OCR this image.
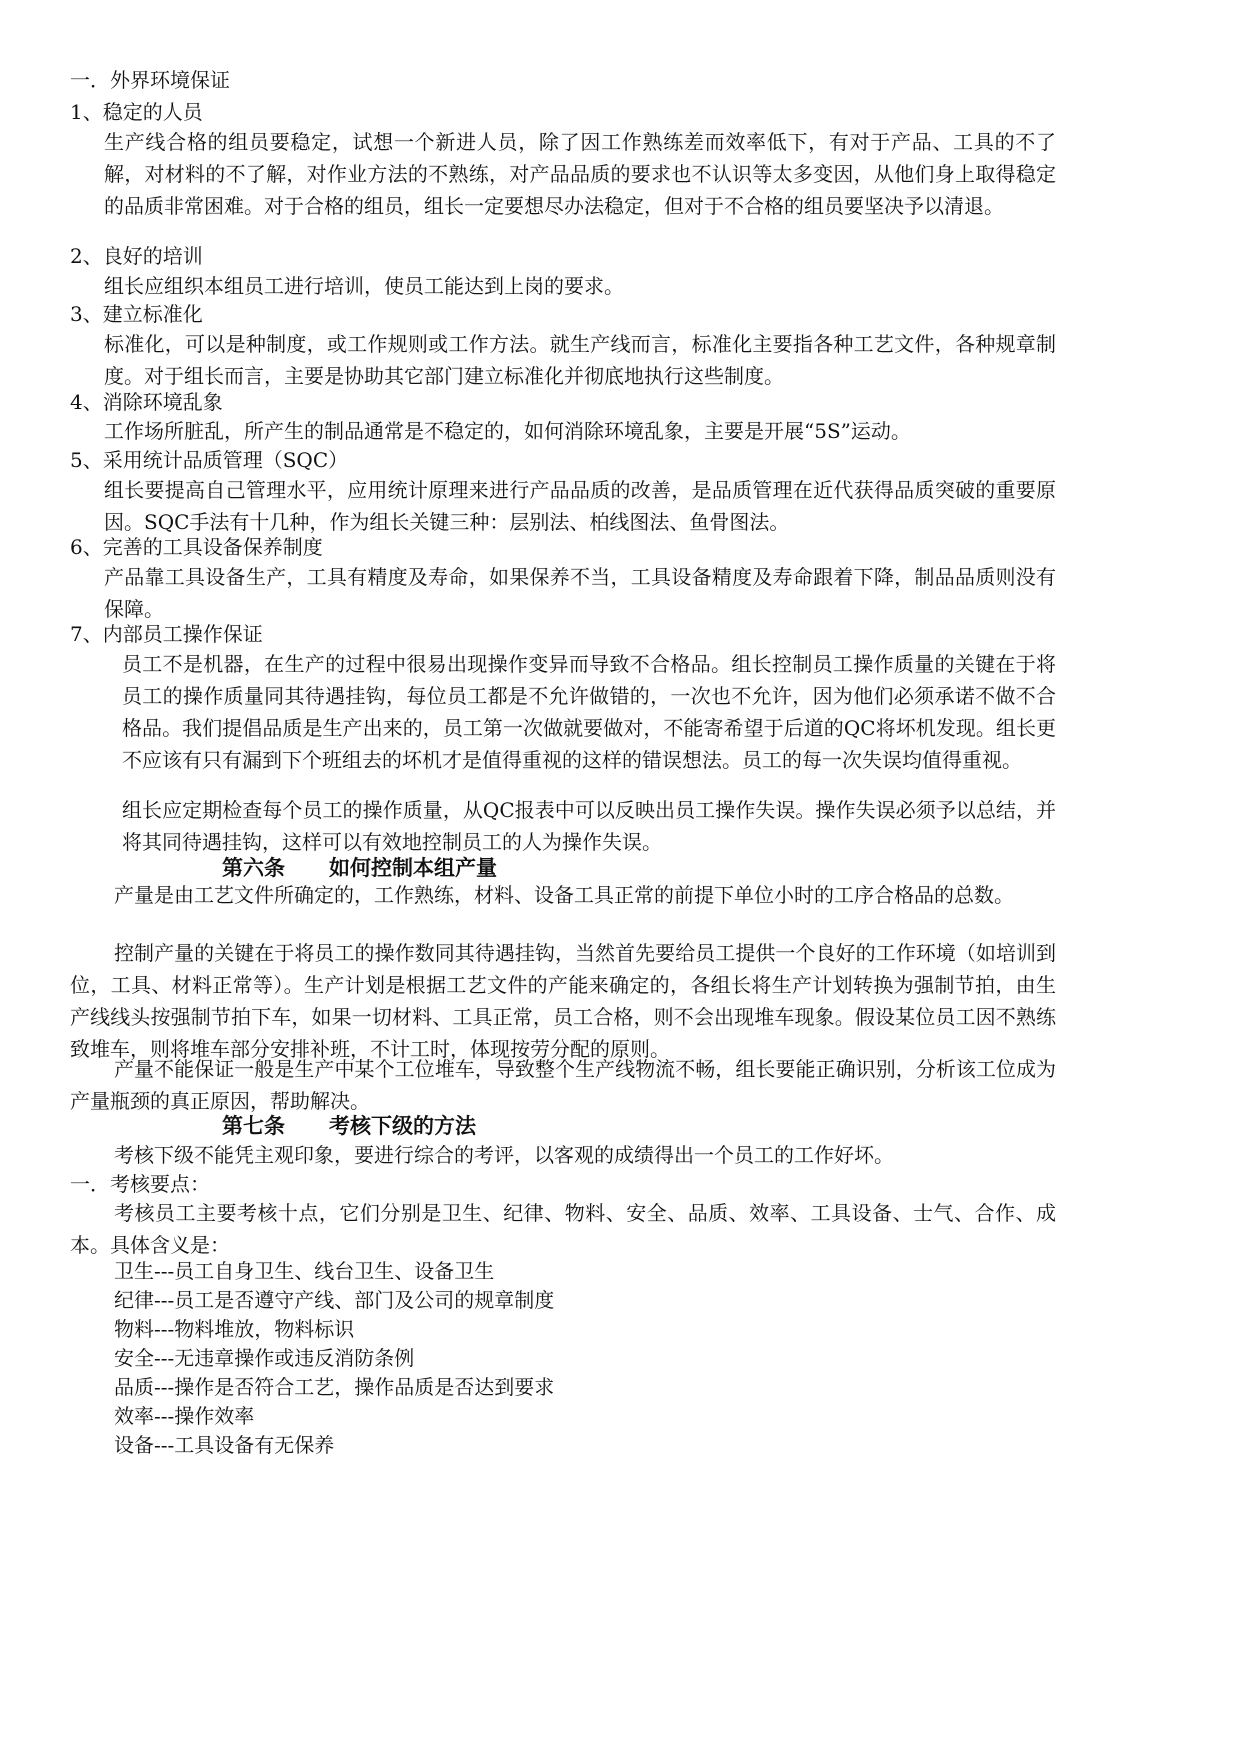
一．外界环境保证

1、稳定的人员

生产线合格的组员要稳定，试想一个新进人员，除了因工作熟练差而效率低下，有对于产品、工具的不了解，对材料的不了解，对作业方法的不熟练，对产品品质的要求也不认识等太多变因，从他们身上取得稳定的品质非常困难。对于合格的组员，组长一定要想尽办法稳定，但对于不合格的组员要坚决予以清退。

2、良好的培训

组长应组织本组员工进行培训，使员工能达到上岗的要求。

3、建立标准化

标准化，可以是种制度，或工作规则或工作方法。就生产线而言，标准化主要指各种工艺文件，各种规章制度。对于组长而言，主要是协助其它部门建立标准化并彻底地执行这些制度。

4、消除环境乱象

工作场所脏乱，所产生的制品通常是不稳定的，如何消除环境乱象，主要是开展“5S”运动。

5、采用统计品质管理（SQC）

组长要提高自己管理水平，应用统计原理来进行产品品质的改善，是品质管理在近代获得品质突破的重要原因。SQC手法有十几种，作为组长关键三种：层别法、柏线图法、鱼骨图法。

6、完善的工具设备保养制度

产品靠工具设备生产，工具有精度及寿命，如果保养不当，工具设备精度及寿命跟着下降，制品品质则没有保障。

7、内部员工操作保证

员工不是机器，在生产的过程中很易出现操作变异而导致不合格品。组长控制员工操作质量的关键在于将员工的操作质量同其待遇挂钩，每位员工都是不允许做错的，一次也不允许，因为他们必须承诺不做不合格品。我们提倡品质是生产出来的，员工第一次做就要做对，不能寄希望于后道的QC将坏机发现。组长更不应该有只有漏到下个班组去的坏机才是值得重视的这样的错误想法。员工的每一次失误均值得重视。

组长应定期检查每个员工的操作质量，从QC报表中可以反映出员工操作失误。操作失误必须予以总结，并将其同待遇挂钩，这样可以有效地控制员工的人为操作失误。

第六条 如何控制本组产量

产量是由工艺文件所确定的，工作熟练，材料、设备工具正常的前提下单位小时的工序合格品的总数。

控制产量的关键在于将员工的操作数同其待遇挂钩，当然首先要给员工提供一个良好的工作环境（如培训到位，工具、材料正常等）。生产计划是根据工艺文件的产能来确定的，各组长将生产计划转换为强制节拍，由生产线线头按强制节拍下车，如果一切材料、工具正常，员工合格，则不会出现堆车现象。假设某位员工因不熟练致堆车，则将堆车部分安排补班，不计工时，体现按劳分配的原则。

产量不能保证一般是生产中某个工位堆车，导致整个生产线物流不畅，组长要能正确识别，分析该工位成为产量瓶颈的真正原因，帮助解决。

第七条 考核下级的方法

考核下级不能凭主观印象，要进行综合的考评，以客观的成绩得出一个员工的工作好坏。

一．考核要点：

考核员工主要考核十点，它们分别是卫生、纪律、物料、安全、品质、效率、工具设备、士气、合作、成本。具体含义是：

卫生---员工自身卫生、线台卫生、设备卫生

纪律---员工是否遵守产线、部门及公司的规章制度

物料---物料堆放，物料标识

安全---无违章操作或违反消防条例

品质---操作是否符合工艺，操作品质是否达到要求

效率---操作效率

设备---工具设备有无保养
